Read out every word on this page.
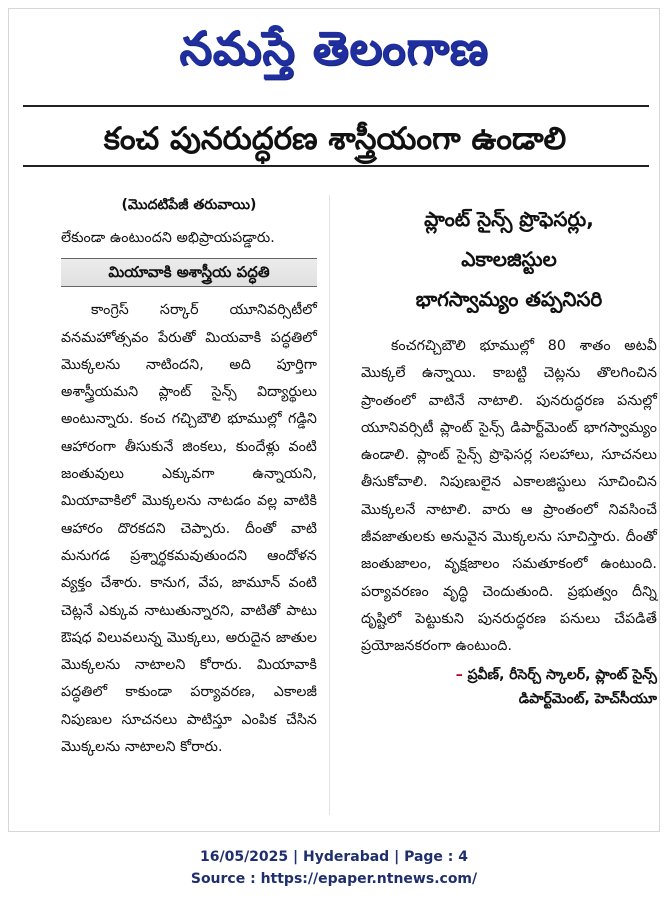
నమస్తే తెలంగాణ
కంచ పునరుద్ధరణ శాస్త్రీయంగా ఉండాలి

(మొదటిపేజీ తరువాయి)

లేకుండా ఉంటుందని అభిప్రాయపడ్డారు.

మియావాకి అశాస్త్రీయ పద్ధతి

కాంగ్రెస్ సర్కార్ యూనివర్సిటీలో వనమహోత్సవం పేరుతో మియవాకి పద్ధతిలో మొక్కలను నాటిందని, అది పూర్తిగా అశాస్త్రీయమని ప్లాంట్ సైన్స్ విద్యార్థులు అంటున్నారు. కంచ గచ్చిబౌలి భూముల్లో గడ్డిని ఆహారంగా తీసుకునే జింకలు, కుందేళ్లు వంటి జంతువులు ఎక్కువగా ఉన్నాయని, మియావాకిలో మొక్కలను నాటడం వల్ల వాటికి ఆహారం దొరకదని చెప్పారు. దీంతో వాటి మనుగడ ప్రశ్నార్థకమవుతుందని ఆందోళన వ్యక్తం చేశారు. కానుగ, వేప, జామూన్ వంటి చెట్లనే ఎక్కువ నాటుతున్నారని, వాటితో పాటు ఔషధ విలువలున్న మొక్కలు, అరుదైన జాతుల మొక్కలను నాటాలని కోరారు. మియావాకి పద్ధతిలో కాకుండా పర్యావరణ, ఎకాలజీ నిపుణుల సూచనలు పాటిస్తూ ఎంపిక చేసిన మొక్కలను నాటాలని కోరారు.

ప్లాంట్ సైన్స్ ప్రొఫెసర్లు,
ఎకాలజిస్టుల
భాగస్వామ్యం తప్పనిసరి

కంచగచ్చిబౌలి భూముల్లో 80 శాతం అటవీ మొక్కలే ఉన్నాయి. కాబట్టి చెట్లను తొలగించిన ప్రాంతంలో వాటినే నాటాలి. పునరుద్ధరణ పనుల్లో యూనివర్సిటీ ప్లాంట్ సైన్స్ డిపార్ట్‌మెంట్ భాగస్వామ్యం ఉండాలి. ప్లాంట్ సైన్స్ ప్రొఫెసర్ల సలహాలు, సూచనలు తీసుకోవాలి. నిపుణులైన ఎకాలజిస్టులు సూచించిన మొక్కలనే నాటాలి. వారు ఆ ప్రాంతంలో నివసించే జీవజాతులకు అనువైన మొక్కలను సూచిస్తారు. దీంతో జంతుజాలం, వృక్షజాలం సమతూకంలో ఉంటుంది. పర్యావరణం వృద్ధి చెందుతుంది. ప్రభుత్వం దీన్ని దృష్టిలో పెట్టుకుని పునరుద్ధరణ పనులు చేపడితే ప్రయోజనకరంగా ఉంటుంది.

– ప్రవీణ్, రీసెర్చ్ స్కాలర్, ప్లాంట్ సైన్స్
డిపార్ట్‌మెంట్, హెచ్‌సీయూ
16/05/2025 | Hyderabad | Page : 4
Source : https://epaper.ntnews.com/
